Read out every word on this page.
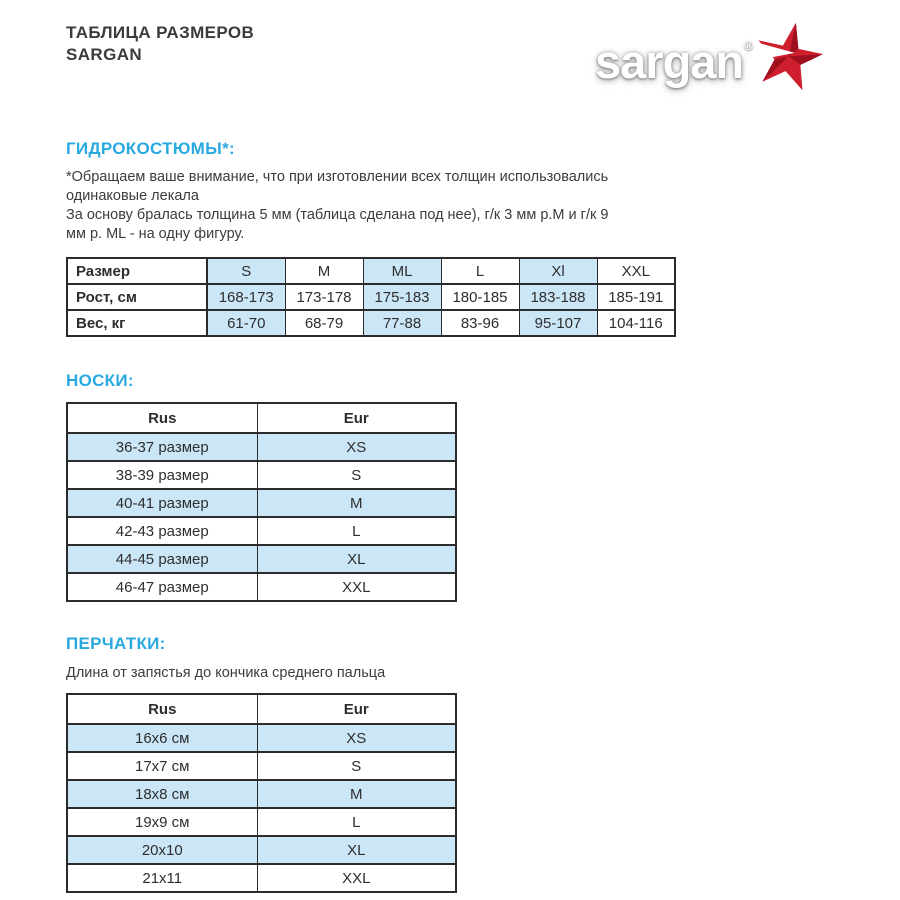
ТАБЛИЦА РАЗМЕРОВ
SARGAN	sargan®
ГИДРОКОСТЮМЫ*:

*Обращаем ваше внимание, что при изготовлении всех толщин использовались одинаковые лекала

За основу бралась толщина 5 мм (таблица сделана под нее), г/к 3 мм р.М и г/к 9 мм р. ML - на одну фигуру.

Размер	S	M	ML	L	Xl	XXL
Рост, см	168-173	173-178	175-183	180-185	183-188	185-191
Вес, кг	61-70	68-79	77-88	83-96	95-107	104-116
НОСКИ:
Rus	Eur
36-37 размер	XS
38-39 размер	S
40-41 размер	M
42-43 размер	L
44-45 размер	XL
46-47 размер	XXL
ПЕРЧАТКИ:
Длина от запястья до кончика среднего пальца
Rus	Eur
16x6 см	XS
17x7 см	S
18x8 см	M
19x9 см	L
20x10	XL
21x11	XXL
